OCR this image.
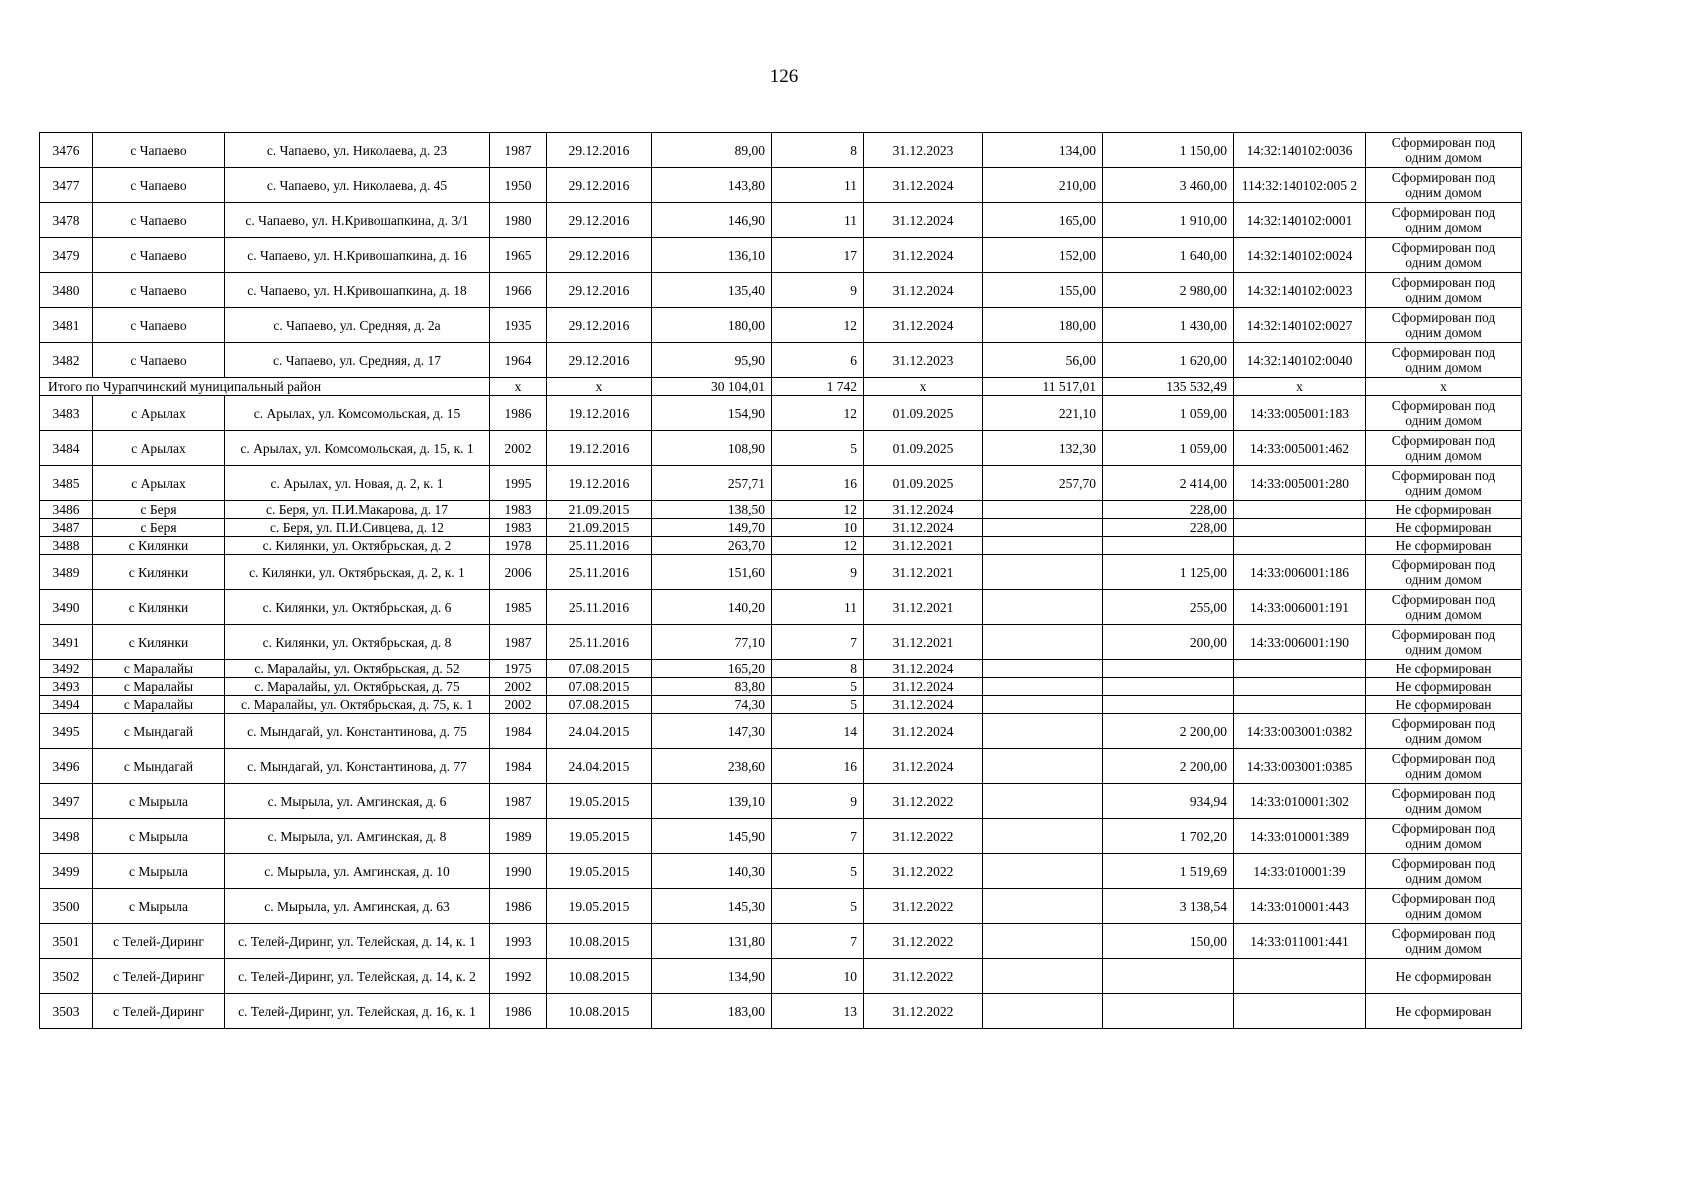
126
3476	с Чапаево	с. Чапаево, ул. Николаева, д. 23	1987	29.12.2016	89,00	8	31.12.2023	134,00	1 150,00	14:32:140102:0036	Сформирован под одним домом
3477	с Чапаево	с. Чапаево, ул. Николаева, д. 45	1950	29.12.2016	143,80	11	31.12.2024	210,00	3 460,00	114:32:140102:005 2	Сформирован под одним домом
3478	с Чапаево	с. Чапаево, ул. Н.Кривошапкина, д. 3/1	1980	29.12.2016	146,90	11	31.12.2024	165,00	1 910,00	14:32:140102:0001	Сформирован под одним домом
3479	с Чапаево	с. Чапаево, ул. Н.Кривошапкина, д. 16	1965	29.12.2016	136,10	17	31.12.2024	152,00	1 640,00	14:32:140102:0024	Сформирован под одним домом
3480	с Чапаево	с. Чапаево, ул. Н.Кривошапкина, д. 18	1966	29.12.2016	135,40	9	31.12.2024	155,00	2 980,00	14:32:140102:0023	Сформирован под одним домом
3481	с Чапаево	с. Чапаево, ул. Средняя, д. 2а	1935	29.12.2016	180,00	12	31.12.2024	180,00	1 430,00	14:32:140102:0027	Сформирован под одним домом
3482	с Чапаево	с. Чапаево, ул. Средняя, д. 17	1964	29.12.2016	95,90	6	31.12.2023	56,00	1 620,00	14:32:140102:0040	Сформирован под одним домом
Итого по Чурапчинский муниципальный район			x	x	30 104,01	1 742	x	11 517,01	135 532,49	x	x
3483	с Арылах	с. Арылах, ул. Комсомольская, д. 15	1986	19.12.2016	154,90	12	01.09.2025	221,10	1 059,00	14:33:005001:183	Сформирован под одним домом
3484	с Арылах	с. Арылах, ул. Комсомольская, д. 15, к. 1	2002	19.12.2016	108,90	5	01.09.2025	132,30	1 059,00	14:33:005001:462	Сформирован под одним домом
3485	с Арылах	с. Арылах, ул. Новая, д. 2, к. 1	1995	19.12.2016	257,71	16	01.09.2025	257,70	2 414,00	14:33:005001:280	Сформирован под одним домом
3486	с Беря	с. Беря, ул. П.И.Макарова, д. 17	1983	21.09.2015	138,50	12	31.12.2024		228,00		Не сформирован
3487	с Беря	с. Беря, ул. П.И.Сивцева, д. 12	1983	21.09.2015	149,70	10	31.12.2024		228,00		Не сформирован
3488	с Килянки	с. Килянки, ул. Октябрьская, д. 2	1978	25.11.2016	263,70	12	31.12.2021				Не сформирован
3489	с Килянки	с. Килянки, ул. Октябрьская, д. 2, к. 1	2006	25.11.2016	151,60	9	31.12.2021		1 125,00	14:33:006001:186	Сформирован под одним домом
3490	с Килянки	с. Килянки, ул. Октябрьская, д. 6	1985	25.11.2016	140,20	11	31.12.2021		255,00	14:33:006001:191	Сформирован под одним домом
3491	с Килянки	с. Килянки, ул. Октябрьская, д. 8	1987	25.11.2016	77,10	7	31.12.2021		200,00	14:33:006001:190	Сформирован под одним домом
3492	с Маралайы	с. Маралайы, ул. Октябрьская, д. 52	1975	07.08.2015	165,20	8	31.12.2024				Не сформирован
3493	с Маралайы	с. Маралайы, ул. Октябрьская, д. 75	2002	07.08.2015	83,80	5	31.12.2024				Не сформирован
3494	с Маралайы	с. Маралайы, ул. Октябрьская, д. 75, к. 1	2002	07.08.2015	74,30	5	31.12.2024				Не сформирован
3495	с Мындагай	с. Мындагай, ул. Константинова, д. 75	1984	24.04.2015	147,30	14	31.12.2024		2 200,00	14:33:003001:0382	Сформирован под одним домом
3496	с Мындагай	с. Мындагай, ул. Константинова, д. 77	1984	24.04.2015	238,60	16	31.12.2024		2 200,00	14:33:003001:0385	Сформирован под одним домом
3497	с Мырыла	с. Мырыла, ул. Амгинская, д. 6	1987	19.05.2015	139,10	9	31.12.2022		934,94	14:33:010001:302	Сформирован под одним домом
3498	с Мырыла	с. Мырыла, ул. Амгинская, д. 8	1989	19.05.2015	145,90	7	31.12.2022		1 702,20	14:33:010001:389	Сформирован под одним домом
3499	с Мырыла	с. Мырыла, ул. Амгинская, д. 10	1990	19.05.2015	140,30	5	31.12.2022		1 519,69	14:33:010001:39	Сформирован под одним домом
3500	с Мырыла	с. Мырыла, ул. Амгинская, д. 63	1986	19.05.2015	145,30	5	31.12.2022		3 138,54	14:33:010001:443	Сформирован под одним домом
3501	с Телей-Диринг	с. Телей-Диринг, ул. Телейская, д. 14, к. 1	1993	10.08.2015	131,80	7	31.12.2022		150,00	14:33:011001:441	Сформирован под одним домом
3502	с Телей-Диринг	с. Телей-Диринг, ул. Телейская, д. 14, к. 2	1992	10.08.2015	134,90	10	31.12.2022				Не сформирован
3503	с Телей-Диринг	с. Телей-Диринг, ул. Телейская, д. 16, к. 1	1986	10.08.2015	183,00	13	31.12.2022				Не сформирован
